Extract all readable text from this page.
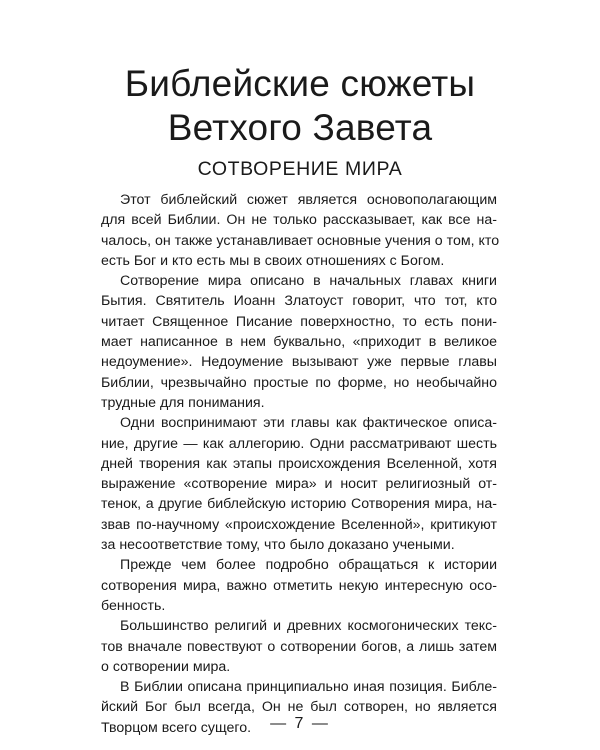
Библейские сюжеты
Ветхого Завета
СОТВОРЕНИЕ МИРА

Этот библейский сюжет является основополагающим
для всей Библии. Он не только рассказывает, как все на-
чалось, он также устанавливает основные учения о том, кто
есть Бог и кто есть мы в своих отношениях с Богом.

Сотворение мира описано в начальных главах книги
Бытия. Святитель Иоанн Златоуст говорит, что тот, кто
читает Священное Писание поверхностно, то есть пони-
мает написанное в нем буквально, «приходит в великое
недоумение». Недоумение вызывают уже первые главы
Библии, чрезвычайно простые по форме, но необычайно
трудные для понимания.

Одни воспринимают эти главы как фактическое описа-
ние, другие — как аллегорию. Одни рассматривают шесть
дней творения как этапы происхождения Вселенной, хотя
выражение «сотворение мира» и носит религиозный от-
тенок, а другие библейскую историю Сотворения мира, на-
звав по-научному «происхождение Вселенной», критикуют
за несоответствие тому, что было доказано учеными.

Прежде чем более подробно обращаться к истории
сотворения мира, важно отметить некую интересную осо-
бенность.

Большинство религий и древних космогонических текс-
тов вначале повествуют о сотворении богов, а лишь затем
о сотворении мира.

В Библии описана принципиально иная позиция. Библе-
йский Бог был всегда, Он не был сотворен, но является
Творцом всего сущего.	— 7 —
